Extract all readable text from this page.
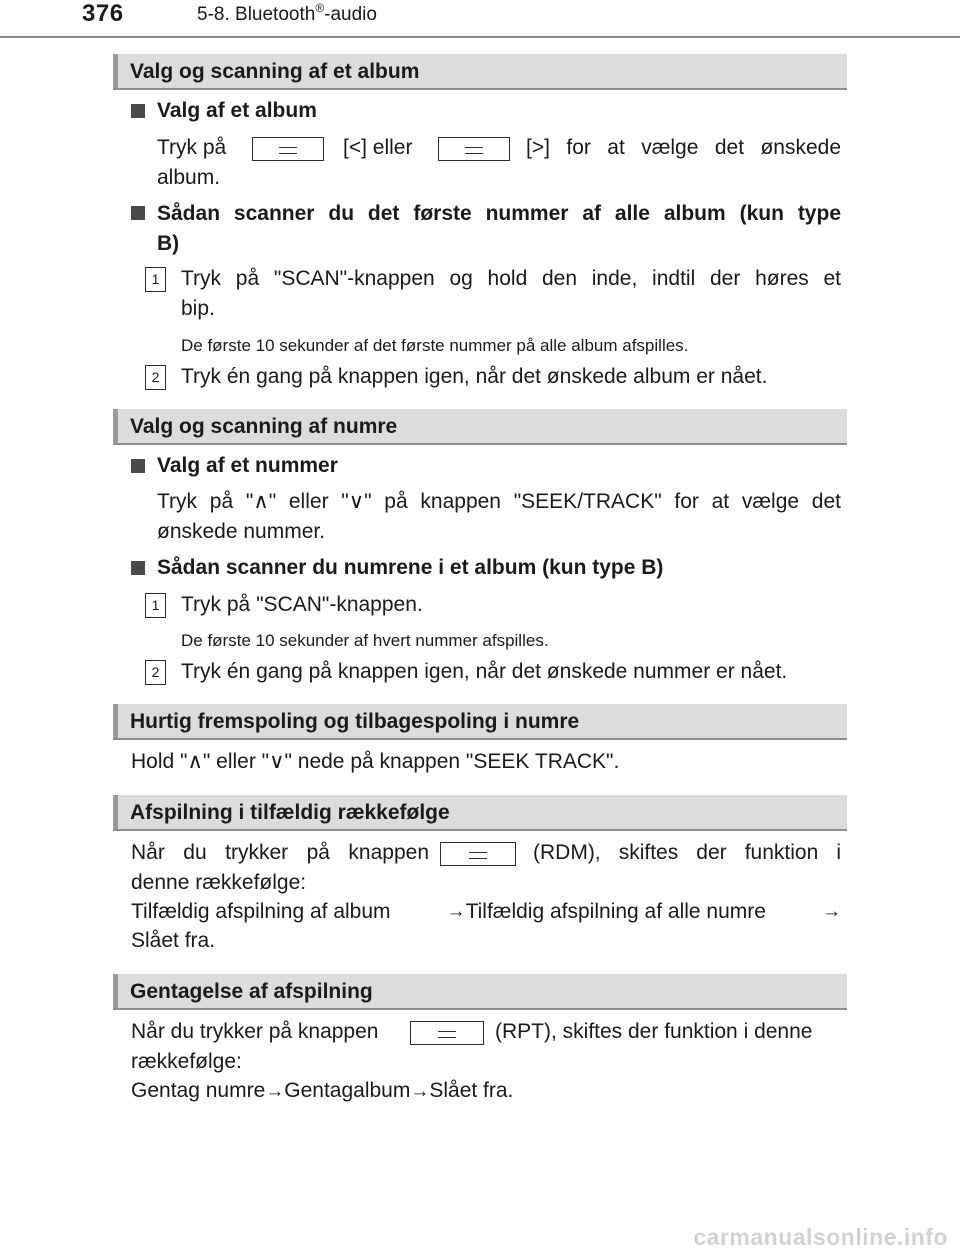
376	5-8. Bluetooth®-audio
Valg og scanning af et album
Valg af et album
Tryk på	[<] eller	[>] for at vælge det ønskede
album.
Sådan scanner du det første nummer af alle album (kun type
B)
1	Tryk på "SCAN"-knappen og hold den inde, indtil der høres et
bip.
De første 10 sekunder af det første nummer på alle album afspilles.
2	Tryk én gang på knappen igen, når det ønskede album er nået.
Valg og scanning af numre
Valg af et nummer
Tryk på "∧" eller "∨" på knappen "SEEK/TRACK" for at vælge det
ønskede nummer.
Sådan scanner du numrene i et album (kun type B)
1	Tryk på "SCAN"-knappen.
De første 10 sekunder af hvert nummer afspilles.
2	Tryk én gang på knappen igen, når det ønskede nummer er nået.
Hurtig fremspoling og tilbagespoling i numre
Hold "∧" eller "∨" nede på knappen "SEEK TRACK".
Afspilning i tilfældig rækkefølge
Når du trykker på knappen	(RDM), skiftes der funktion i
denne rækkefølge:
Tilfældig afspilning af album	→ Tilfældig afspilning af alle numre	→
Slået fra.
Gentagelse af afspilning
Når du trykker på knappen	(RPT), skiftes der funktion i denne
rækkefølge:
Gentag numre→Gentagalbum→Slået fra.
carmanualsonline.info
